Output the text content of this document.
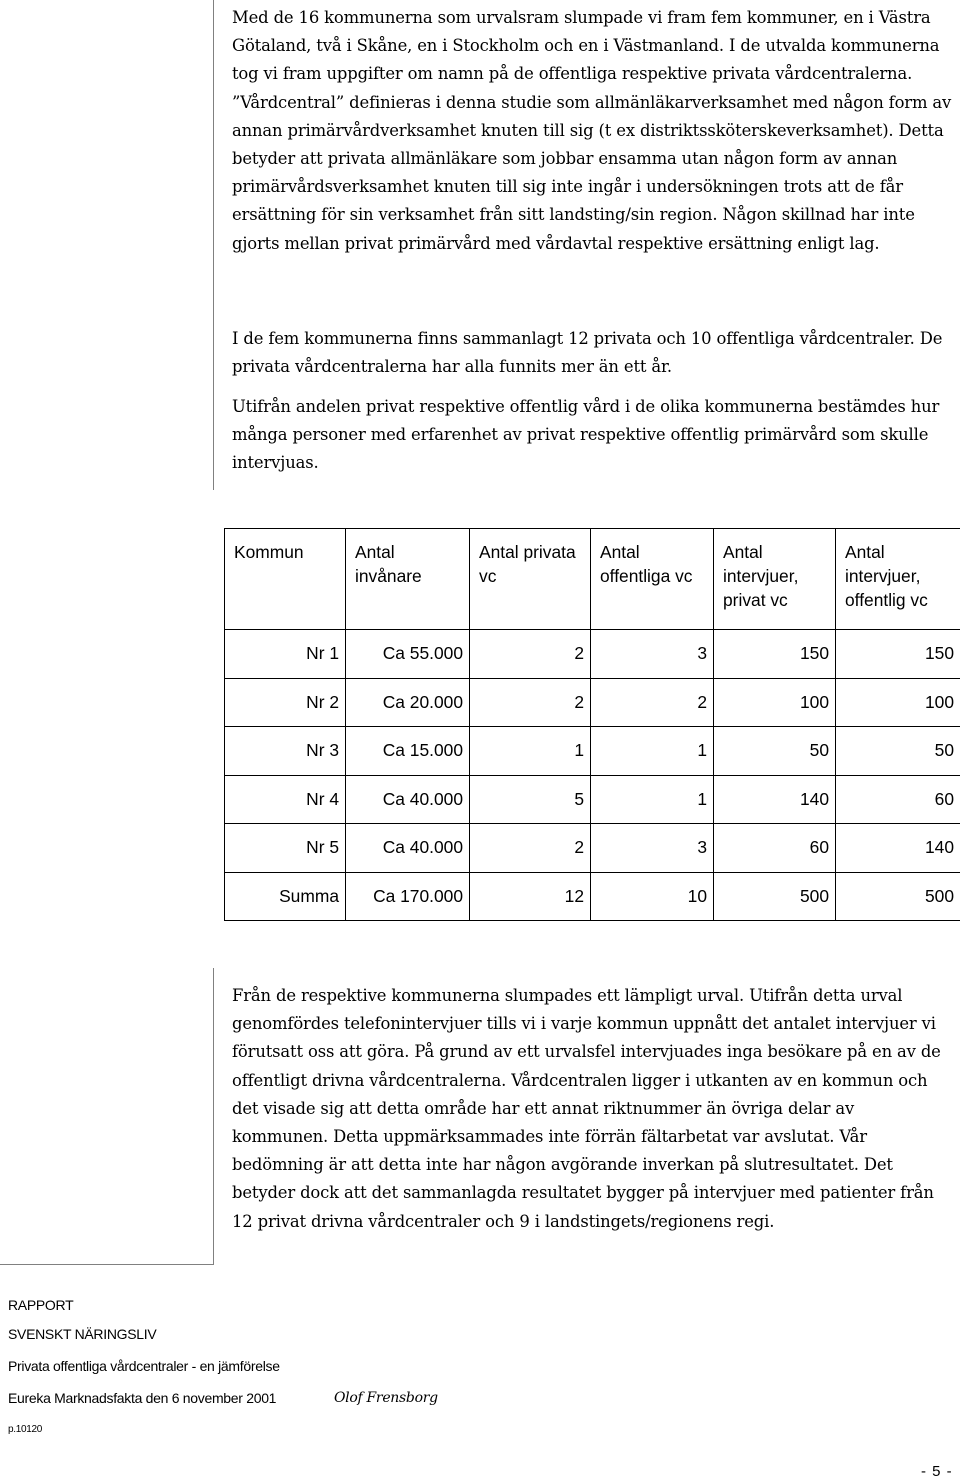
Med de 16 kommunerna som urvalsram slumpade vi fram fem kommuner, en i Västra Götaland, två i Skåne, en i Stockholm och en i Västmanland. I de utvalda kommunerna tog vi fram uppgifter om namn på de offentliga respektive privata vårdcentralerna. ”Vårdcentral” definieras i denna studie som allmänläkarverksamhet med någon form av annan primärvårdverksamhet knuten till sig (t ex distriktssköterskeverksamhet). Detta betyder att privata allmänläkare som jobbar ensamma utan någon form av annan primärvårdsverksamhet knuten till sig inte ingår i undersökningen trots att de får ersättning för sin verksamhet från sitt landsting/sin region. Någon skillnad har inte gjorts mellan privat primärvård med vårdavtal respektive ersättning enligt lag.

I de fem kommunerna finns sammanlagt 12 privata och 10 offentliga vårdcentraler. De privata vårdcentralerna har alla funnits mer än ett år.

Utifrån andelen privat respektive offentlig vård i de olika kommunerna bestämdes hur många personer med erfarenhet av privat respektive offentlig primärvård som skulle intervjuas.

Kommun	Antal invånare	Antal privata vc	Antal offentliga vc	Antal intervjuer, privat vc	Antal intervjuer, offentlig vc
Nr 1	Ca 55.000	2	3	150	150
Nr 2	Ca 20.000	2	2	100	100
Nr 3	Ca 15.000	1	1	50	50
Nr 4	Ca 40.000	5	1	140	60
Nr 5	Ca 40.000	2	3	60	140
Summa	Ca 170.000	12	10	500	500

Från de respektive kommunerna slumpades ett lämpligt urval. Utifrån detta urval genomfördes telefonintervjuer tills vi i varje kommun uppnått det antalet intervjuer vi förutsatt oss att göra. På grund av ett urvalsfel intervjuades inga besökare på en av de offentligt drivna vårdcentralerna. Vårdcentralen ligger i utkanten av en kommun och det visade sig att detta område har ett annat riktnummer än övriga delar av kommunen. Detta uppmärksammades inte förrän fältarbetat var avslutat. Vår bedömning är att detta inte har någon avgörande inverkan på slutresultatet. Det betyder dock att det sammanlagda resultatet bygger på intervjuer med patienter från 12 privat drivna vårdcentraler och 9 i landstingets/regionens regi.

RAPPORT
SVENSKT NÄRINGSLIV
Privata offentliga vårdcentraler - en jämförelse
Eureka Marknadsfakta den 6 november 2001	Olof Frensborg
p.10120
- 5 -
